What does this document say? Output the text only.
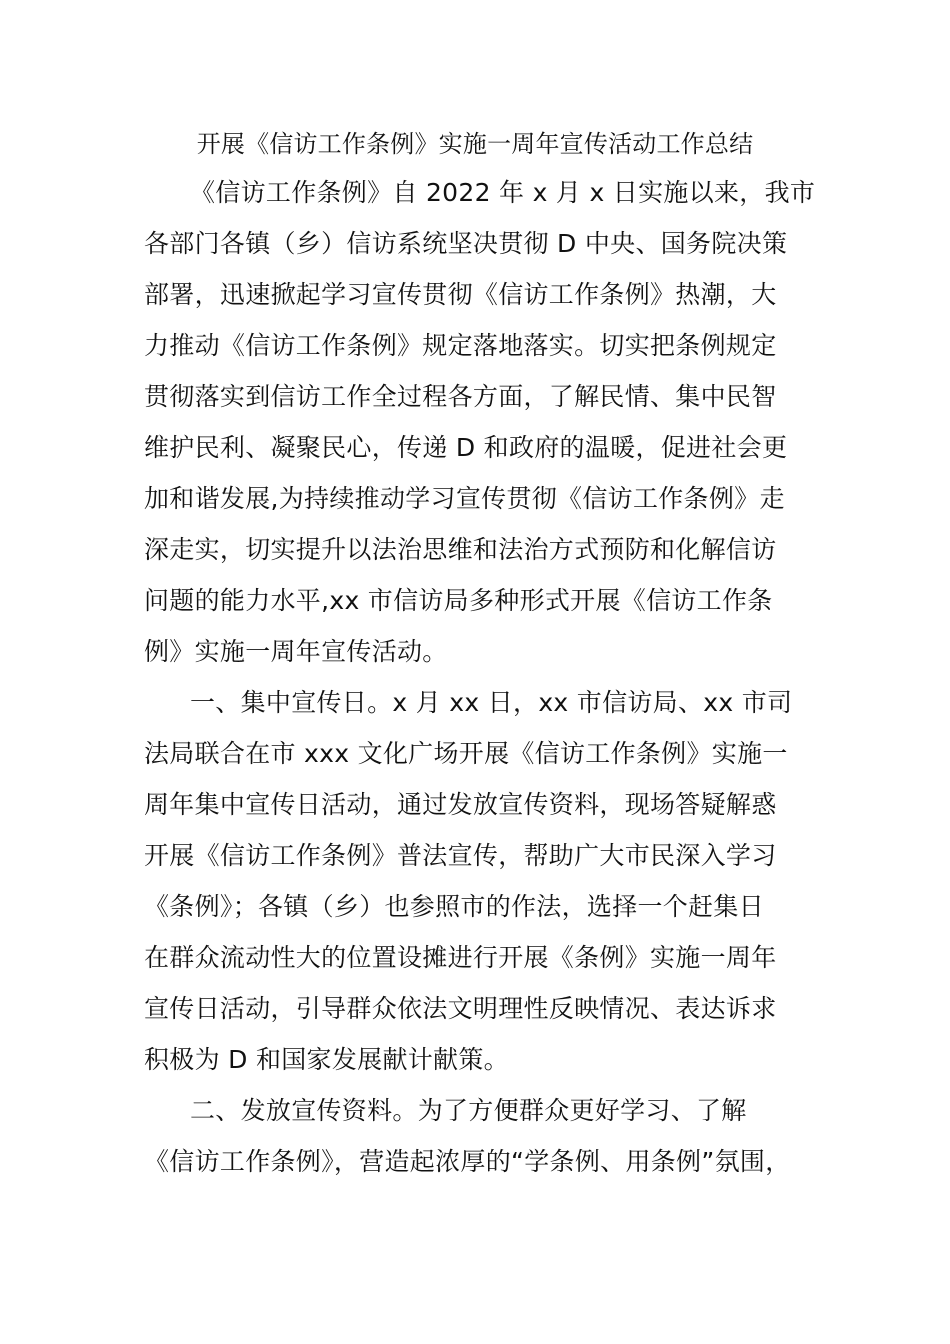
开展《信访工作条例》实施一周年宣传活动工作总结
《信访工作条例》自 2022 年 x 月 x 日实施以来，我市
各部门各镇（乡）信访系统坚决贯彻 D 中央、国务院决策
部署，迅速掀起学习宣传贯彻《信访工作条例》热潮，大
力推动《信访工作条例》规定落地落实。切实把条例规定
贯彻落实到信访工作全过程各方面，了解民情、集中民智
维护民利、凝聚民心，传递 D 和政府的温暖，促进社会更
加和谐发展,为持续推动学习宣传贯彻《信访工作条例》走
深走实，切实提升以法治思维和法治方式预防和化解信访
问题的能力水平,xx 市信访局多种形式开展《信访工作条
例》实施一周年宣传活动。
一、集中宣传日。x 月 xx 日，xx 市信访局、xx 市司
法局联合在市 xxx 文化广场开展《信访工作条例》实施一
周年集中宣传日活动，通过发放宣传资料，现场答疑解惑
开展《信访工作条例》普法宣传，帮助广大市民深入学习
《条例》；各镇（乡）也参照市的作法，选择一个赶集日
在群众流动性大的位置设摊进行开展《条例》实施一周年
宣传日活动，引导群众依法文明理性反映情况、表达诉求
积极为 D 和国家发展献计献策。
二、发放宣传资料。为了方便群众更好学习、了解
《信访工作条例》，营造起浓厚的“学条例、用条例”氛围，
